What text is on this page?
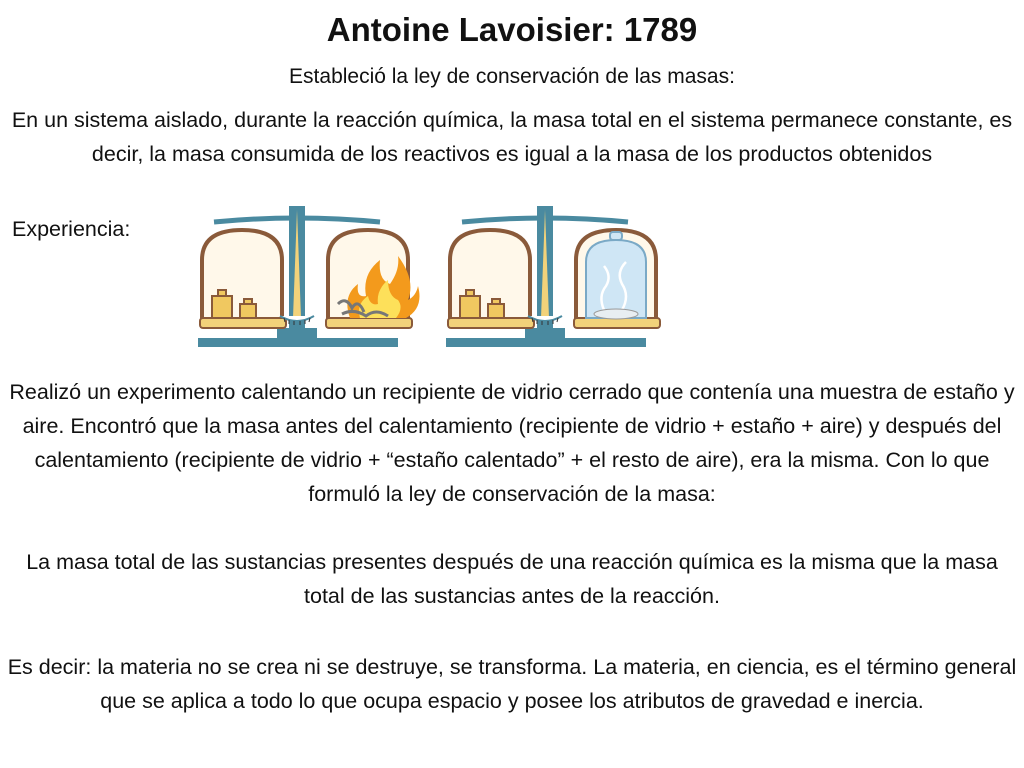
Antoine Lavoisier: 1789

Estableció la ley de conservación de las masas:

En un sistema aislado, durante la reacción química, la masa total en el sistema permanece constante, es decir, la masa consumida de los reactivos es igual a la masa de los productos obtenidos

Experiencia:

Realizó un experimento calentando un recipiente de vidrio cerrado que contenía una muestra de estaño y aire. Encontró que la masa antes del calentamiento (recipiente de vidrio + estaño + aire) y después del calentamiento (recipiente de vidrio + “estaño calentado” + el resto de aire), era la misma. Con lo que formuló la ley de conservación de la masa:

La masa total de las sustancias presentes después de una reacción química es la misma que la masa total de las sustancias antes de la reacción.

Es decir: la materia no se crea ni se destruye, se transforma. La materia, en ciencia, es el término general que se aplica a todo lo que ocupa espacio y posee los atributos de gravedad e inercia.
